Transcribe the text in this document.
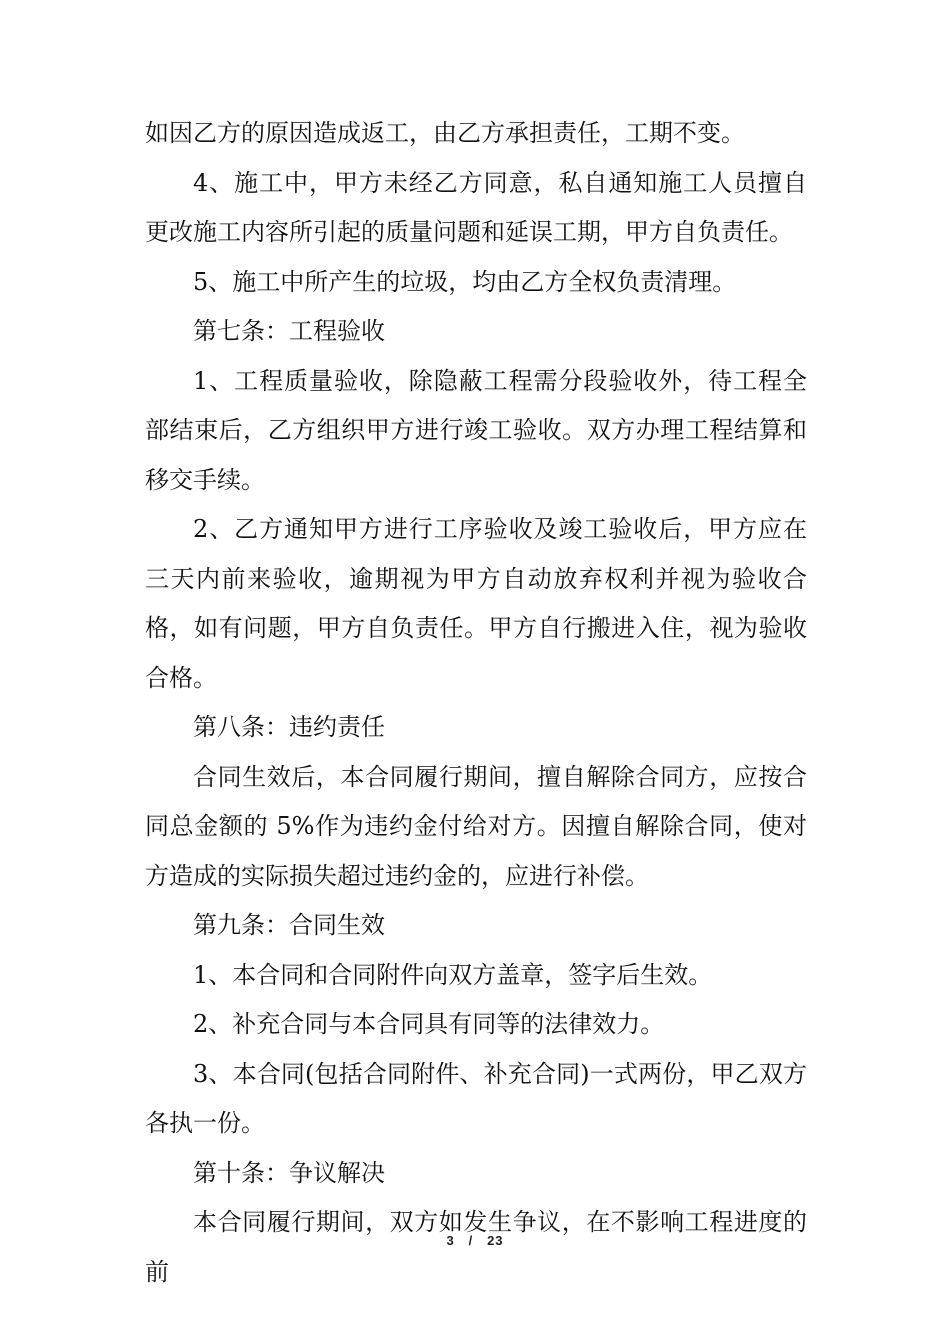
如因乙方的原因造成返工，由乙方承担责任，工期不变。

4、施工中，甲方未经乙方同意，私自通知施工人员擅自更改施工内容所引起的质量问题和延误工期，甲方自负责任。

5、施工中所产生的垃圾，均由乙方全权负责清理。

第七条：工程验收

1、工程质量验收，除隐蔽工程需分段验收外，待工程全部结束后，乙方组织甲方进行竣工验收。双方办理工程结算和移交手续。

2、乙方通知甲方进行工序验收及竣工验收后，甲方应在三天内前来验收，逾期视为甲方自动放弃权利并视为验收合格，如有问题，甲方自负责任。甲方自行搬进入住，视为验收合格。

第八条：违约责任

合同生效后，本合同履行期间，擅自解除合同方，应按合同总金额的 5%作为违约金付给对方。因擅自解除合同，使对方造成的实际损失超过违约金的，应进行补偿。

第九条：合同生效

1、本合同和合同附件向双方盖章，签字后生效。

2、补充合同与本合同具有同等的法律效力。

3、本合同(包括合同附件、补充合同)一式两份，甲乙双方各执一份。

第十条：争议解决

本合同履行期间，双方如发生争议，在不影响工程进度的前

3 / 23
